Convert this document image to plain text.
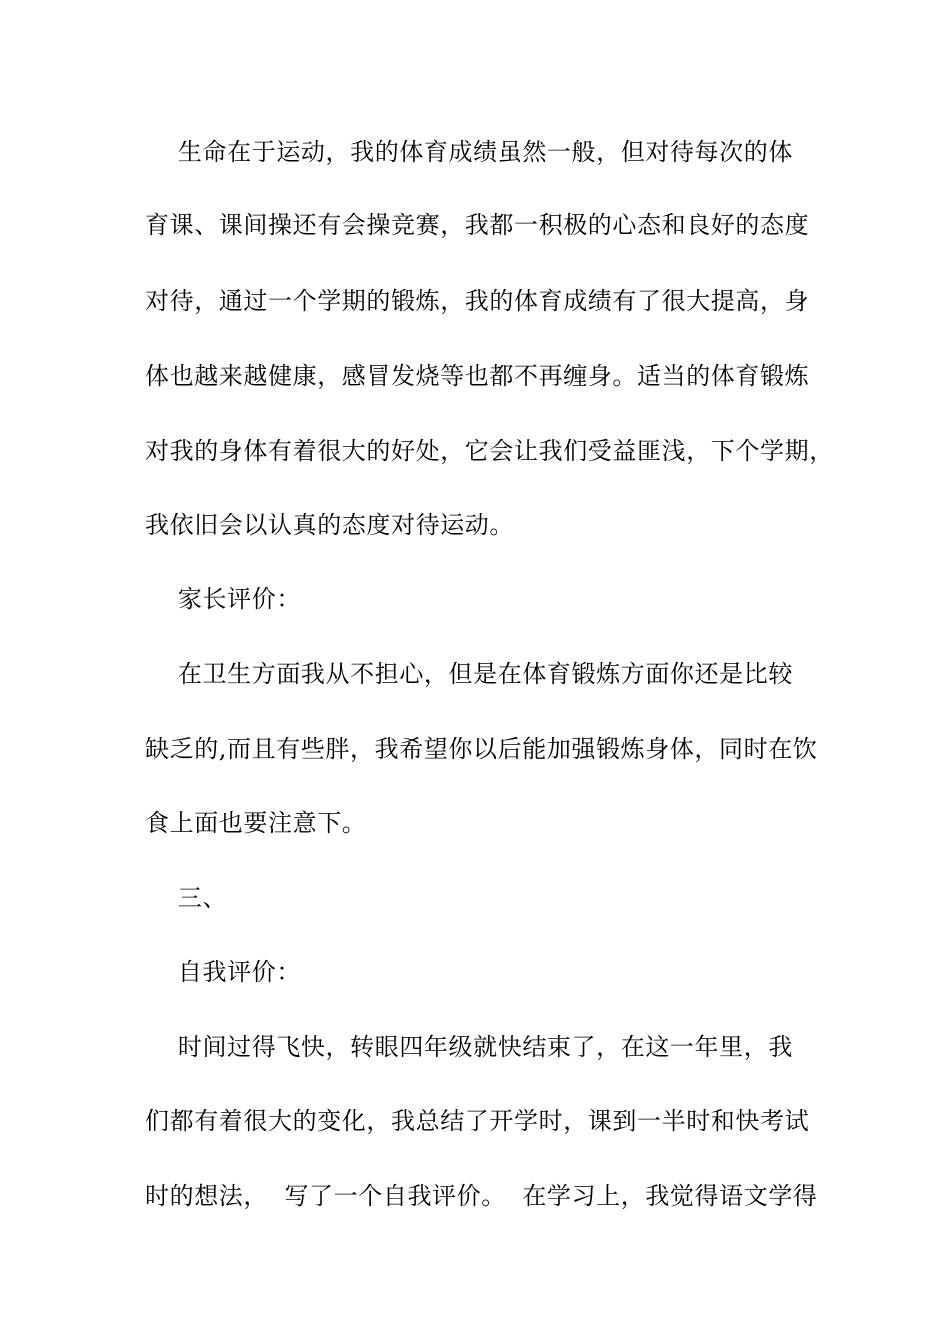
生命在于运动，我的体育成绩虽然一般，但对待每次的体
育课、课间操还有会操竞赛，我都一积极的心态和良好的态度
对待，通过一个学期的锻炼，我的体育成绩有了很大提高，身
体也越来越健康，感冒发烧等也都不再缠身。适当的体育锻炼
对我的身体有着很大的好处，它会让我们受益匪浅，下个学期，
我依旧会以认真的态度对待运动。
家长评价：
在卫生方面我从不担心，但是在体育锻炼方面你还是比较
缺乏的,而且有些胖，我希望你以后能加强锻炼身体，同时在饮
食上面也要注意下。
三、
自我评价：
时间过得飞快，转眼四年级就快结束了，在这一年里，我
们都有着很大的变化，我总结了开学时，课到一半时和快考试
时的想法，  写了一个自我评价。  在学习上，我觉得语文学得
